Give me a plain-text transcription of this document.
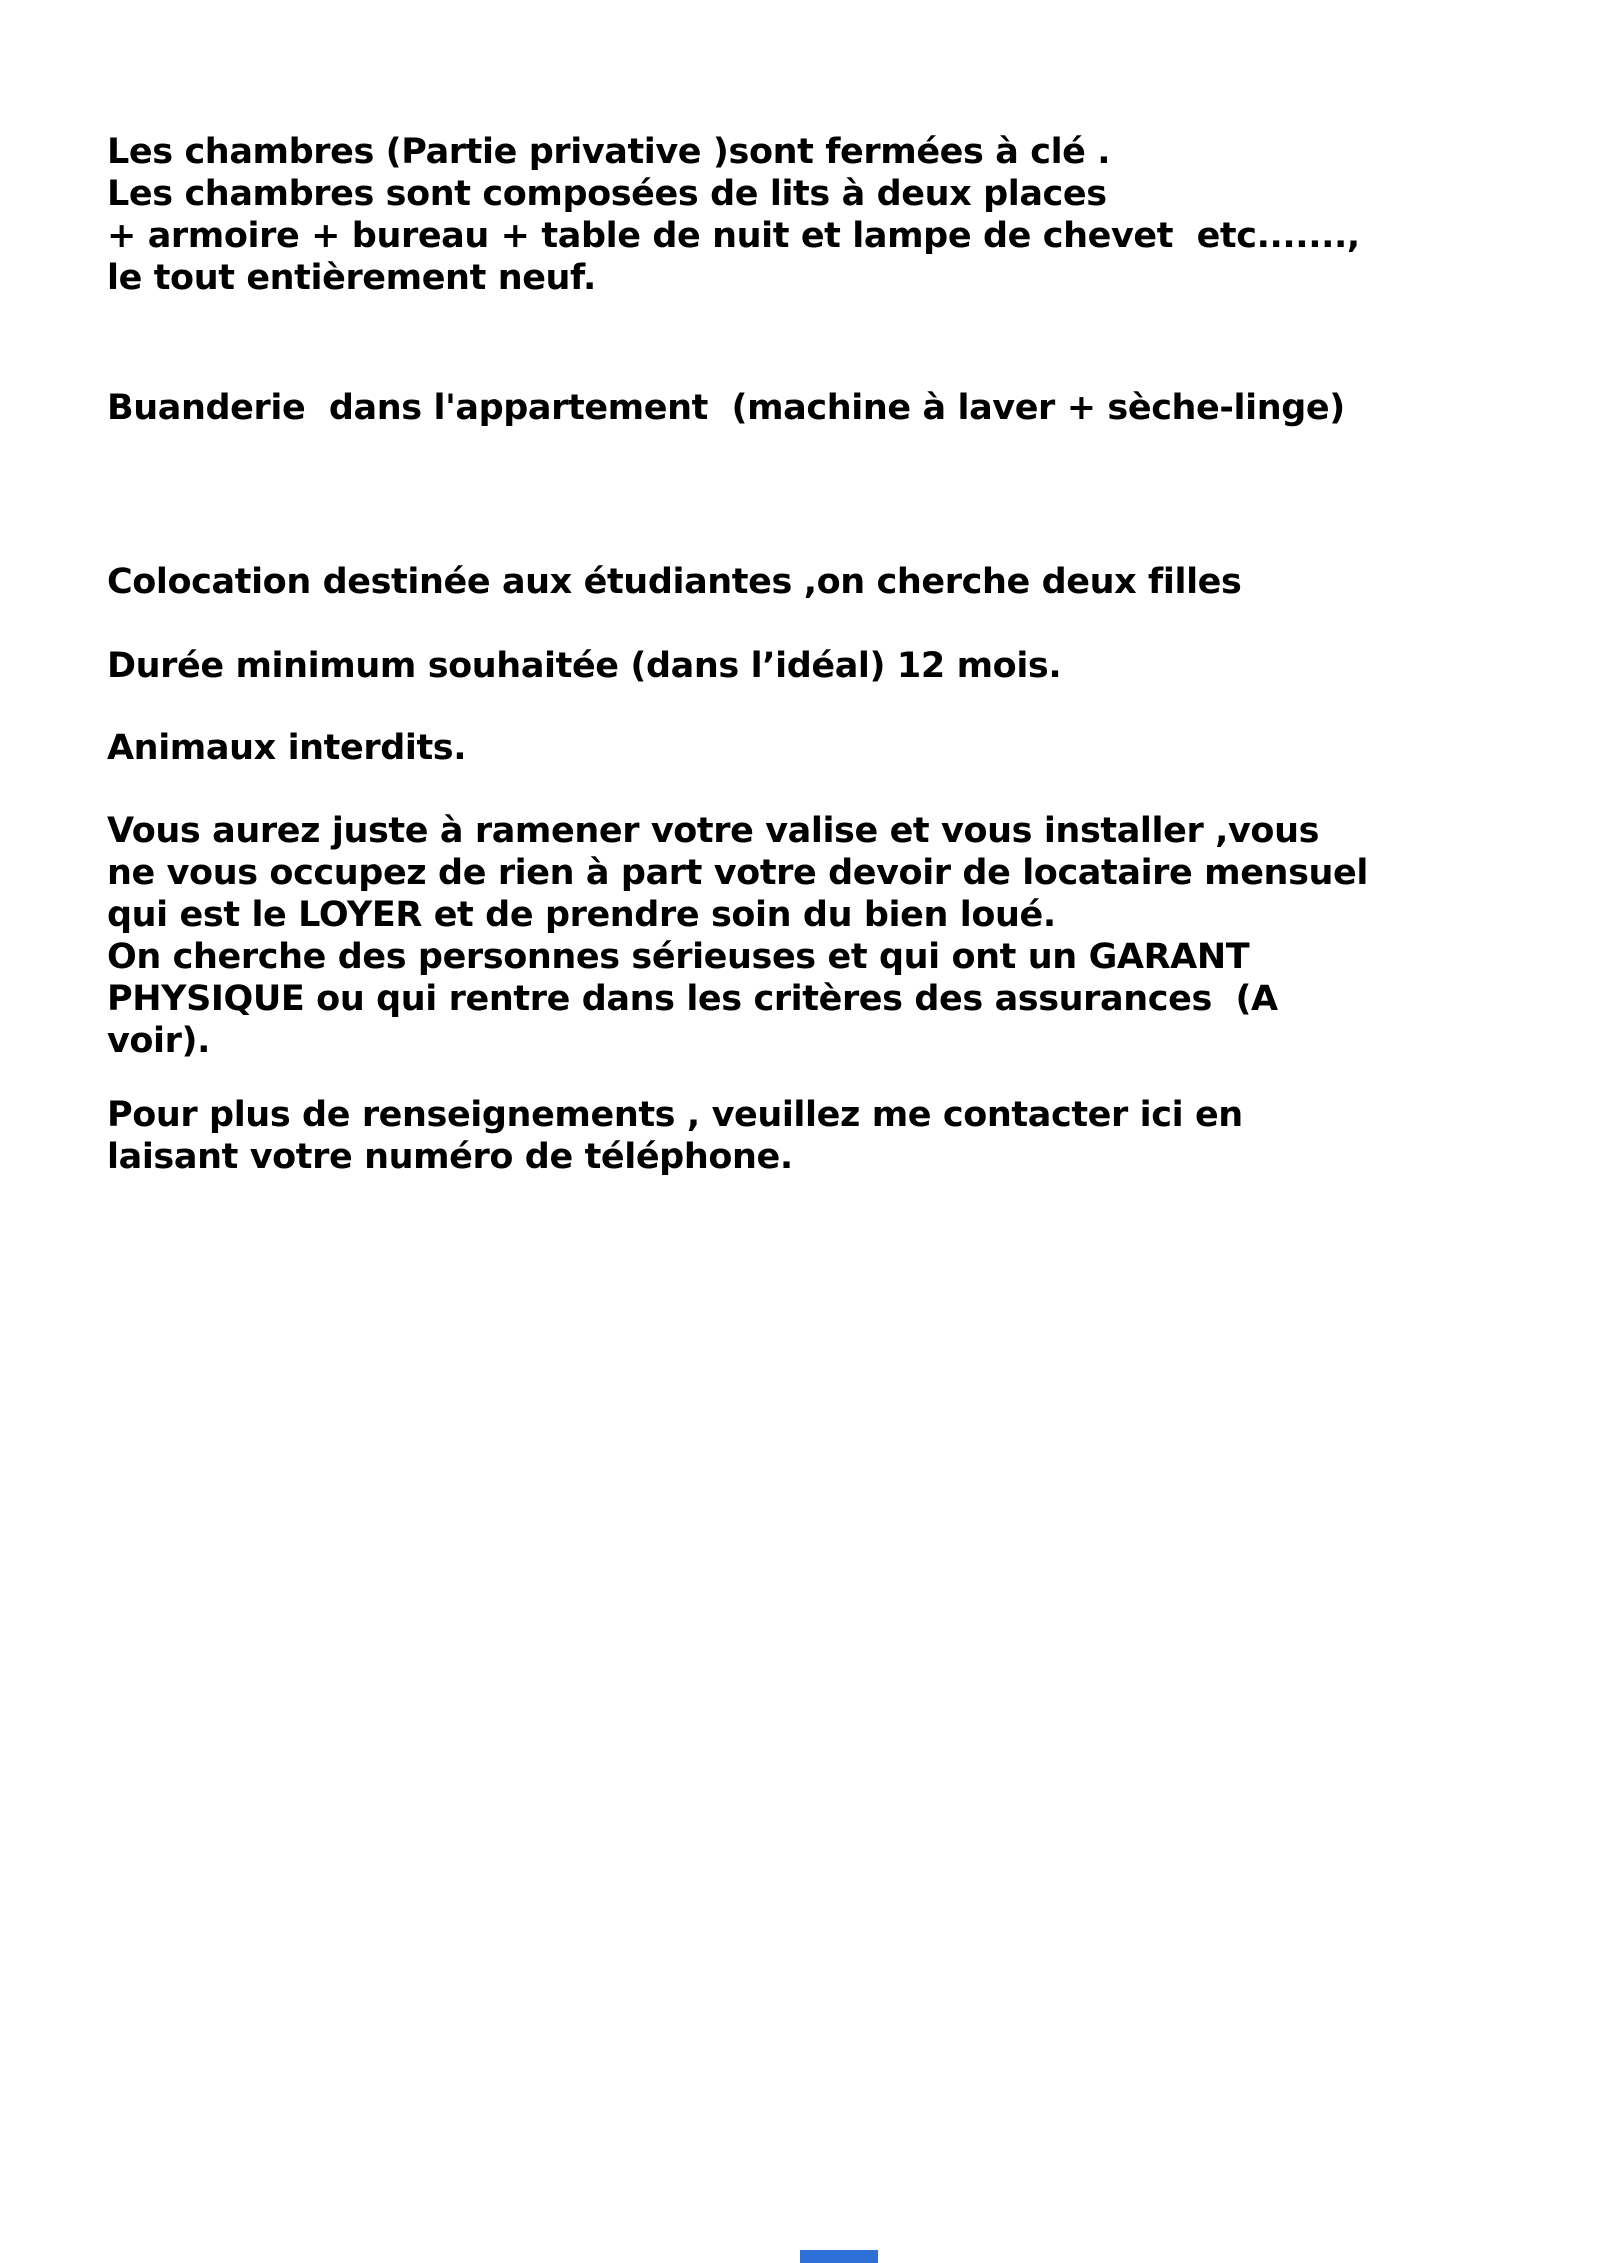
Les chambres (Partie privative )sont fermées à clé .
Les chambres sont composées de lits à deux places
+ armoire + bureau + table de nuit et lampe de chevet  etc.......,
le tout entièrement neuf.
Buanderie  dans l'appartement  (machine à laver + sèche-linge)
Colocation destinée aux étudiantes ,on cherche deux filles
Durée minimum souhaitée (dans l’idéal) 12 mois.
Animaux interdits.
Vous aurez juste à ramener votre valise et vous installer ,vous
ne vous occupez de rien à part votre devoir de locataire mensuel
qui est le LOYER et de prendre soin du bien loué.
On cherche des personnes sérieuses et qui ont un GARANT
PHYSIQUE ou qui rentre dans les critères des assurances  (A
voir).
Pour plus de renseignements , veuillez me contacter ici en
laisant votre numéro de téléphone.
